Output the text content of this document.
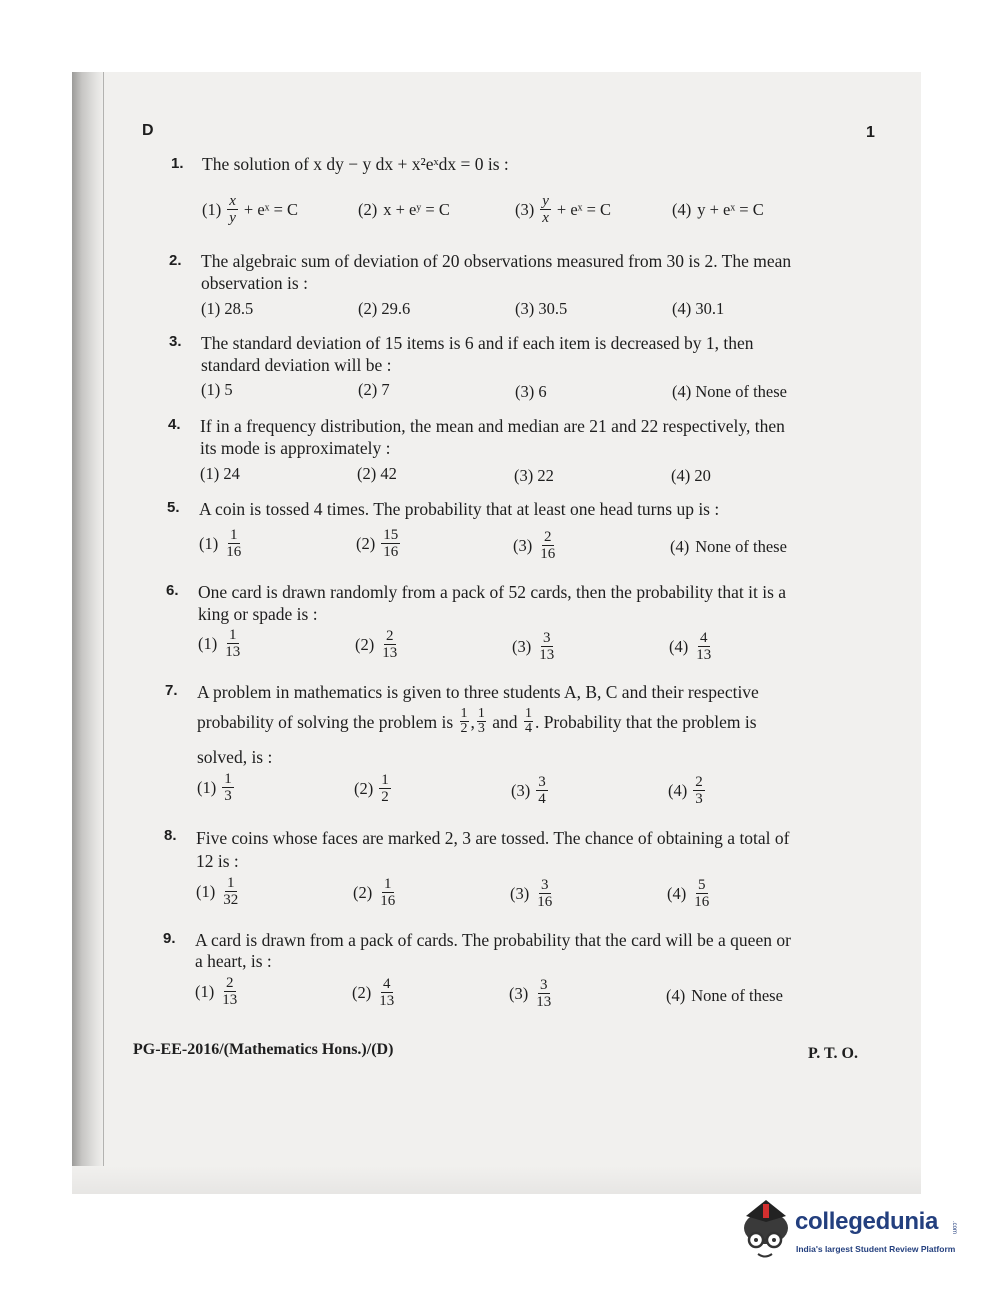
D	1
1. The solution of x dy − y dx + x²eˣdx = 0 is :
$(1) \frac{x}{y}$ + eˣ = C	(2) x + eʸ = C	$(3) \frac{y}{x}$ + eˣ = C	(4) y + eˣ = C
2. The algebraic sum of deviation of 20 observations measured from 30 is 2. The mean
observation is :
(1) 28.5	(2) 29.6	(3) 30.5	(4) 30.1
3. The standard deviation of 15 items is 6 and if each item is decreased by 1, then
standard deviation will be :
(1) 5	(2) 7	(3) 6	(4) None of these
4. If in a frequency distribution, the mean and median are 21 and 22 respectively, then
its mode is approximately :
(1) 24	(2) 42	(3) 22	(4) 20
5. A coin is tossed 4 times. The probability that at least one head turns up is :
$(1) \frac{1}{16}$	$(2) \frac{15}{16}$	$(3) \frac{2}{16}$	(4) None of these
6. One card is drawn randomly from a pack of 52 cards, then the probability that it is a
king or spade is :
$(1) \frac{1}{13}$	$(2) \frac{2}{13}$	$(3) \frac{3}{13}$	$(4) \frac{4}{13}$
7. A problem in mathematics is given to three students A, B, C and their respective
probability of solving the problem is
1
2 , 1
3
and
1
4 . Probability that the problem is
solved, is :
$(1) \frac{1}{3}$	$(2) \frac{1}{2}$	$(3) \frac{3}{4}$	$(4) \frac{2}{3}$
8. Five coins whose faces are marked 2, 3 are tossed. The chance of obtaining a total of
12 is :
$(1) \frac{1}{32}$	$(2) \frac{1}{16}$	$(3) \frac{3}{16}$	$(4) \frac{5}{16}$
9. A card is drawn from a pack of cards. The probability that the card will be a queen or
a heart, is :
$(1) \frac{2}{13}$	$(2) \frac{4}{13}$	$(3) \frac{3}{13}$	(4) None of these
PG-EE-2016/(Mathematics Hons.)/(D)	P. T. O.
collegedunia .com
India's largest Student Review Platform
